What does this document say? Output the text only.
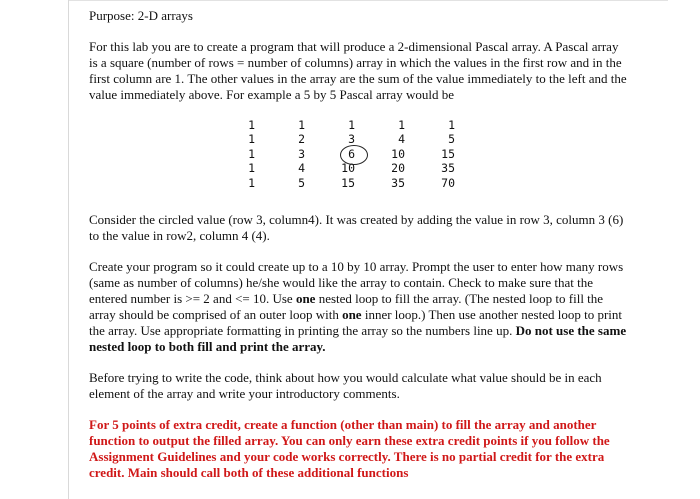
Purpose: 2-D arrays

For this lab you are to create a program that will produce a 2-dimensional Pascal array. A Pascal array is a square (number of rows = number of columns) array in which the values in the first row and in the first column are 1. The other values in the array are the sum of the value immediately to the left and the value immediately above. For example a 5 by 5 Pascal array would be

1	1	1	1	1
1	2	3	4	5
1	3	6	10	15
1	4	10	20	35
1	5	15	35	70

Consider the circled value (row 3, column4). It was created by adding the value in row 3, column 3 (6) to the value in row2, column 4 (4).

Create your program so it could create up to a 10 by 10 array. Prompt the user to enter how many rows (same as number of columns) he/she would like the array to contain. Check to make sure that the entered number is >= 2 and <= 10. Use one nested loop to fill the array. (The nested loop to fill the array should be comprised of an outer loop with one inner loop.) Then use another nested loop to print the array. Use appropriate formatting in printing the array so the numbers line up. Do not use the same nested loop to both fill and print the array.

Before trying to write the code, think about how you would calculate what value should be in each element of the array and write your introductory comments.

For 5 points of extra credit, create a function (other than main) to fill the array and another function to output the filled array. You can only earn these extra credit points if you follow the Assignment Guidelines and your code works correctly. There is no partial credit for the extra credit. Main should call both of these additional functions
